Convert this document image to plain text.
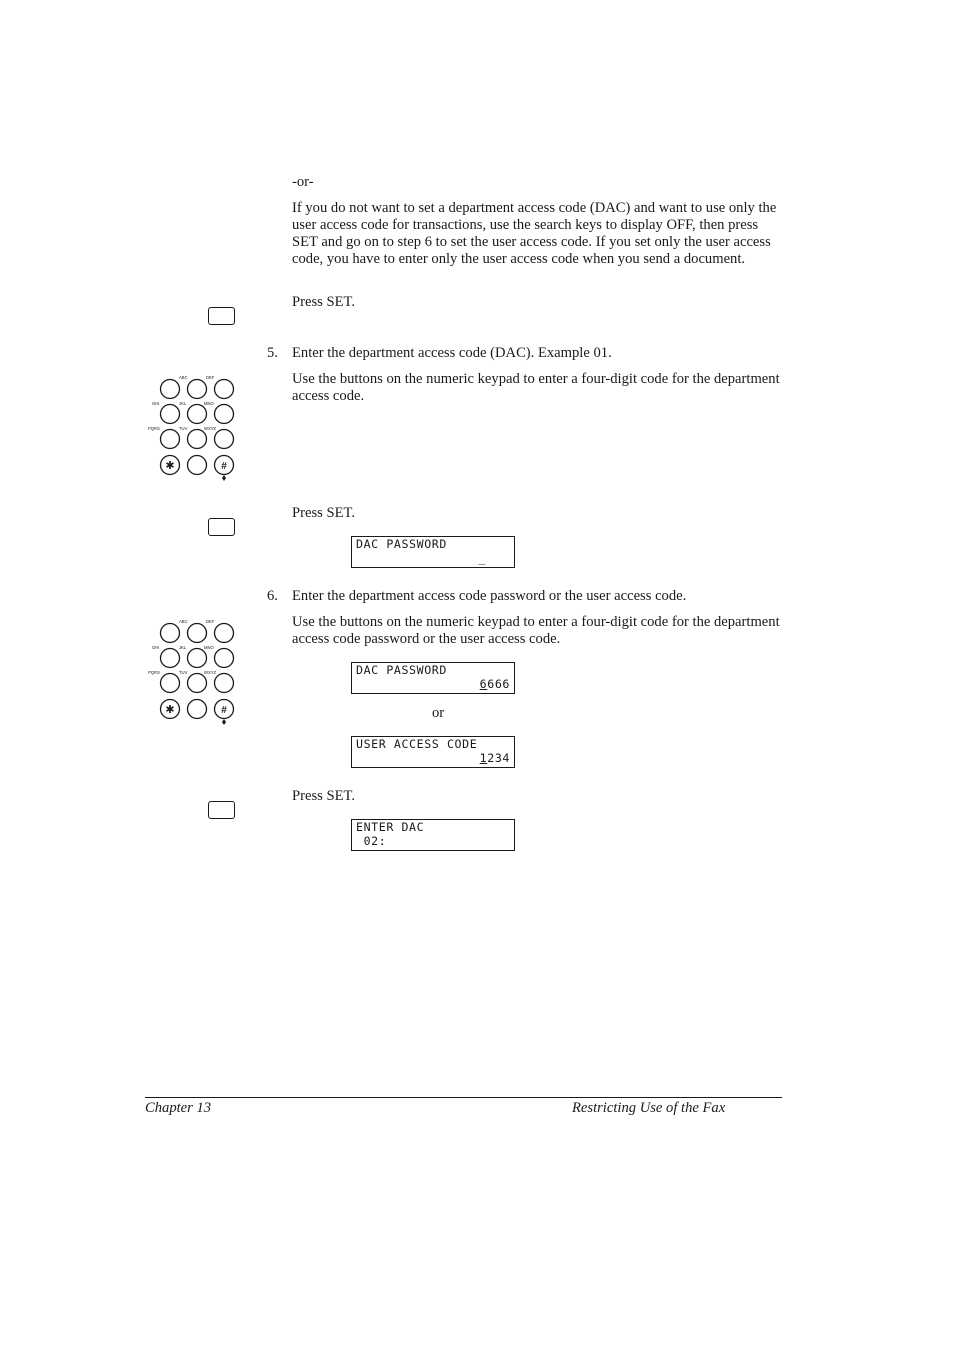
-or-
If you do not want to set a department access code (DAC) and want to use only the user access code for transactions, use the search keys to display OFF, then press SET and go on to step 6 to set the user access code. If you set only the user access code, you have to enter only the user access code when you send a document.
Press SET.
5. Enter the department access code (DAC). Example 01.
Use the buttons on the numeric keypad to enter a four-digit code for the department access code.
ABC	DEF
GHI	JKL	MNO
PQRS	TUV	WXYZ
✱	#
Press SET.
DAC PASSWORD
_
6. Enter the department access code password or the user access code.
Use the buttons on the numeric keypad to enter a four-digit code for the department access code password or the user access code.
ABC	DEF
GHI	JKL	MNO
PQRS	TUV	WXYZ
✱	#
DAC PASSWORD
6666
or
USER ACCESS CODE
1234
Press SET.
ENTER DAC
02:
Chapter 13	Restricting Use of the Fax
